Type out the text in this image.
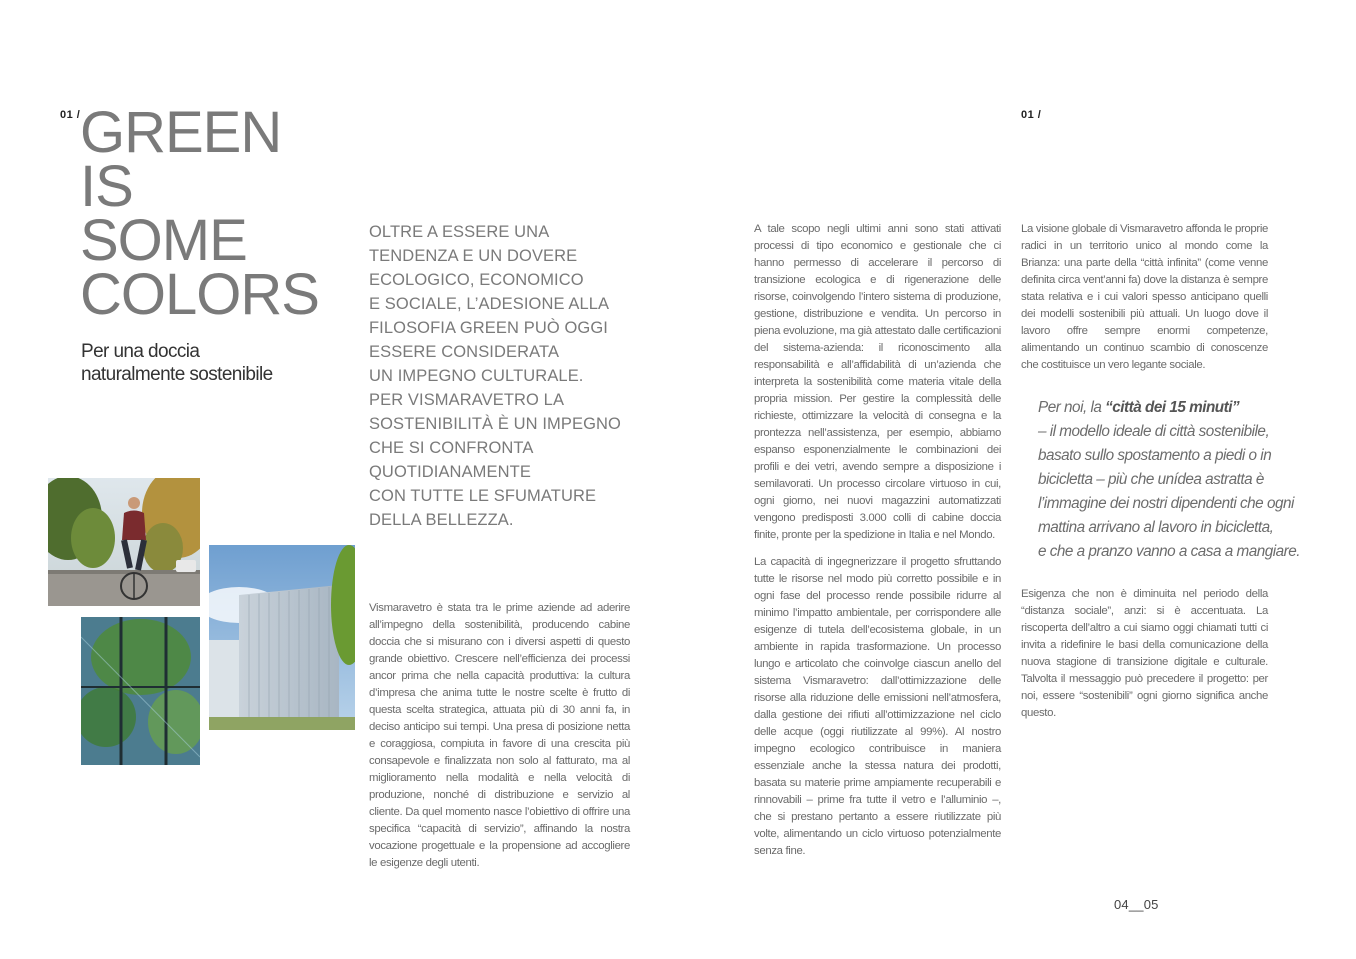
01 / GREEN
IS
SOME
COLORS
Per una doccia
naturalmente sostenibile
OLTRE A ESSERE UNA
TENDENZA E UN DOVERE
ECOLOGICO, ECONOMICO
E SOCIALE, L’ADESIONE ALLA
FILOSOFIA GREEN PUÒ OGGI
ESSERE CONSIDERATA
UN IMPEGNO CULTURALE.
PER VISMARAVETRO LA
SOSTENIBILITÀ È UN IMPEGNO
CHE SI CONFRONTA
QUOTIDIANAMENTE
CON TUTTE LE SFUMATURE
DELLA BELLEZZA.

Vismaravetro è stata tra le prime aziende ad aderire all’impegno della sostenibilità, producendo cabine doccia che si misurano con i diversi aspetti di questo grande obiettivo. Crescere nell’efficienza dei processi ancor prima che nella capacità produttiva: la cultura d’impresa che anima tutte le nostre scelte è frutto di questa scelta strategica, attuata più di 30 anni fa, in deciso anticipo sui tempi. Una presa di posizione netta e coraggiosa, compiuta in favore di una crescita più consapevole e finalizzata non solo al fatturato, ma al miglioramento nella modalità e nella velocità di produzione, nonché di distribuzione e servizio al cliente. Da quel momento nasce l’obiettivo di offrire una specifica “capacità di servizio”, affinando la nostra vocazione progettuale e la propensione ad accogliere le esigenze degli utenti.

01 /

A tale scopo negli ultimi anni sono stati attivati processi di tipo economico e gestionale che ci hanno permesso di accelerare il percorso di transizione ecologica e di rigenerazione delle risorse, coinvolgendo l’intero sistema di produzione, gestione, distribuzione e vendita. Un percorso in piena evoluzione, ma già attestato dalle certificazioni del sistema-azienda: il riconoscimento alla responsabilità e all’affidabilità di un’azienda che interpreta la sostenibilità come materia vitale della propria mission. Per gestire la complessità delle richieste, ottimizzare la velocità di consegna e la prontezza nell’assistenza, per esempio, abbiamo espanso esponenzialmente le combinazioni dei profili e dei vetri, avendo sempre a disposizione i semilavorati. Un processo circolare virtuoso in cui, ogni giorno, nei nuovi magazzini automatizzati vengono predisposti 3.000 colli di cabine doccia finite, pronte per la spedizione in Italia e nel Mondo.

La capacità di ingegnerizzare il progetto sfruttando tutte le risorse nel modo più corretto possibile e in ogni fase del processo rende possibile ridurre al minimo l’impatto ambientale, per corrispondere alle esigenze di tutela dell’ecosistema globale, in un ambiente in rapida trasformazione. Un processo lungo e articolato che coinvolge ciascun anello del sistema Vismaravetro: dall’ottimizzazione delle risorse alla riduzione delle emissioni nell’atmosfera, dalla gestione dei rifiuti all’ottimizzazione nel ciclo delle acque (oggi riutilizzate al 99%). Al nostro impegno ecologico contribuisce in maniera essenziale anche la stessa natura dei prodotti, basata su materie prime ampiamente recuperabili e rinnovabili – prime fra tutte il vetro e l’alluminio –, che si prestano pertanto a essere riutilizzate più volte, alimentando un ciclo virtuoso potenzialmente senza fine.

La visione globale di Vismaravetro affonda le proprie radici in un territorio unico al mondo come la Brianza: una parte della “città infinita” (come venne definita circa vent’anni fa) dove la distanza è sempre stata relativa e i cui valori spesso anticipano quelli dei modelli sostenibili più attuali. Un luogo dove il lavoro offre sempre enormi competenze, alimentando un continuo scambio di conoscenze che costituisce un vero legante sociale.

Per noi, la “città dei 15 minuti”
– il modello ideale di città sostenibile,
basato sullo spostamento a piedi o in
bicicletta – più che unídea astratta è
l’immagine dei nostri dipendenti che ogni
mattina arrivano al lavoro in bicicletta,
e che a pranzo vanno a casa a mangiare.

Esigenza che non è diminuita nel periodo della “distanza sociale”, anzi: si è accentuata. La riscoperta dell’altro a cui siamo oggi chiamati tutti ci invita a ridefinire le basi della comunicazione della nuova stagione di transizione digitale e culturale. Talvolta il messaggio può precedere il progetto: per noi, essere “sostenibili” ogni giorno significa anche questo.

04__05
